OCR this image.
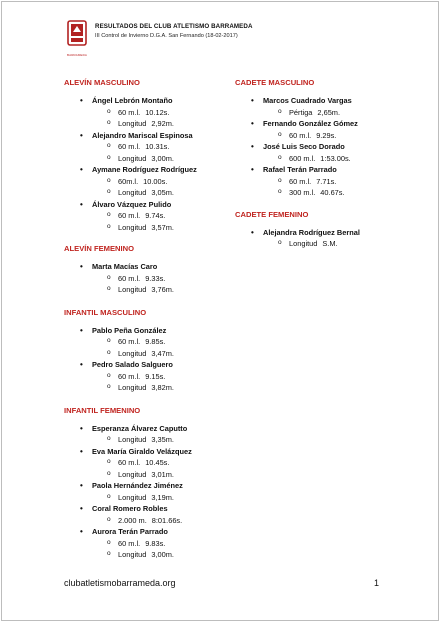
BARRAMEDA
RESULTADOS DEL CLUB ATLETISMO BARRAMEDA
III Control de Invierno D.G.A. San Fernando (18-02-2017)
ALEVÍN MASCULINO
• Ángel Lebrón Montaño
o 60 m.l. 10.12s.
o Longitud 2,92m.
• Alejandro Mariscal Espinosa
o 60 m.l. 10.31s.
o Longitud 3,00m.
• Aymane Rodríguez Rodríguez
o 60m.l. 10.00s.
o Longitud 3,05m.
• Álvaro Vázquez Pulido
o 60 m.l. 9.74s.
o Longitud 3,57m.
ALEVÍN FEMENINO
• Marta Macías Caro
o 60 m.l. 9.33s.
o Longitud 3,76m.
INFANTIL MASCULINO
• Pablo Peña González
o 60 m.l. 9.85s.
o Longitud 3,47m.
• Pedro Salado Salguero
o 60 m.l. 9.15s.
o Longitud 3,82m.
INFANTIL FEMENINO
• Esperanza Álvarez Caputto
o Longitud 3,35m.
• Eva María Giraldo Velázquez
o 60 m.l. 10.45s.
o Longitud 3,01m.
• Paola Hernández Jiménez
o Longitud 3,19m.
• Coral Romero Robles
o 2.000 m. 8:01.66s.
• Aurora Terán Parrado
o 60 m.l. 9.83s.
o Longitud 3,00m.
CADETE MASCULINO
• Marcos Cuadrado Vargas
o Pértiga 2,65m.
• Fernando González Gómez
o 60 m.l. 9.29s.
• José Luis Seco Dorado
o 600 m.l. 1:53.00s.
• Rafael Terán Parrado
o 60 m.l. 7.71s.
o 300 m.l. 40.67s.
CADETE FEMENINO
• Alejandra Rodríguez Bernal
o Longitud S.M.
clubatletismobarrameda.org	1
